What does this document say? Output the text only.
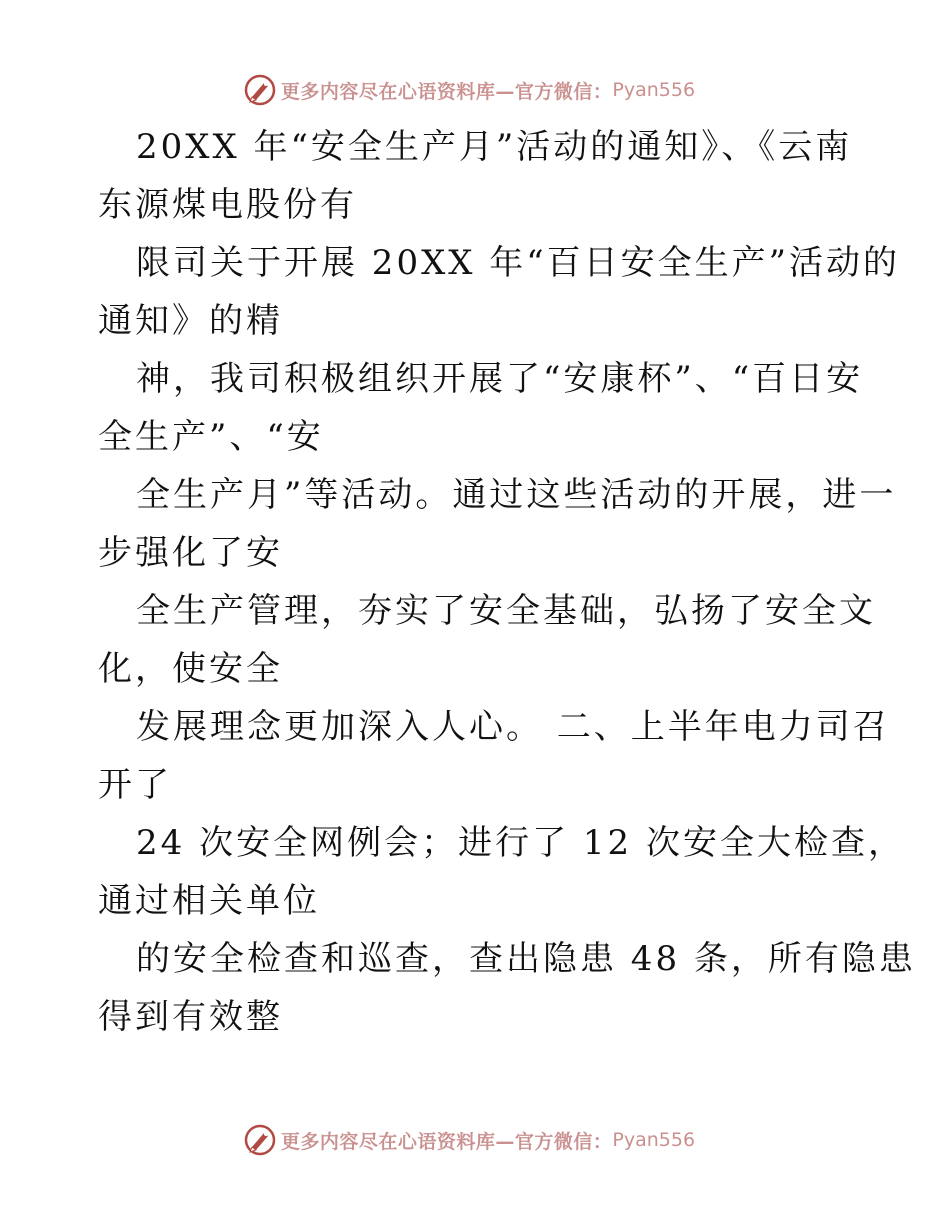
更多内容尽在心语资料库—官方微信： Pyan556
20XX 年“安全生产月”活动的通知》、《云南
东源煤电股份有
限司关于开展 20XX 年“百日安全生产”活动的
通知》的精
神，我司积极组织开展了“安康杯”、“百日安
全生产”、“安
全生产月”等活动。通过这些活动的开展，进一
步强化了安
全生产管理，夯实了安全基础，弘扬了安全文
化，使安全
发展理念更加深入人心。 二、上半年电力司召
开了
24 次安全网例会；进行了 12 次安全大检查，
通过相关单位
的安全检查和巡查，查出隐患 48 条，所有隐患
得到有效整
更多内容尽在心语资料库—官方微信： Pyan556
